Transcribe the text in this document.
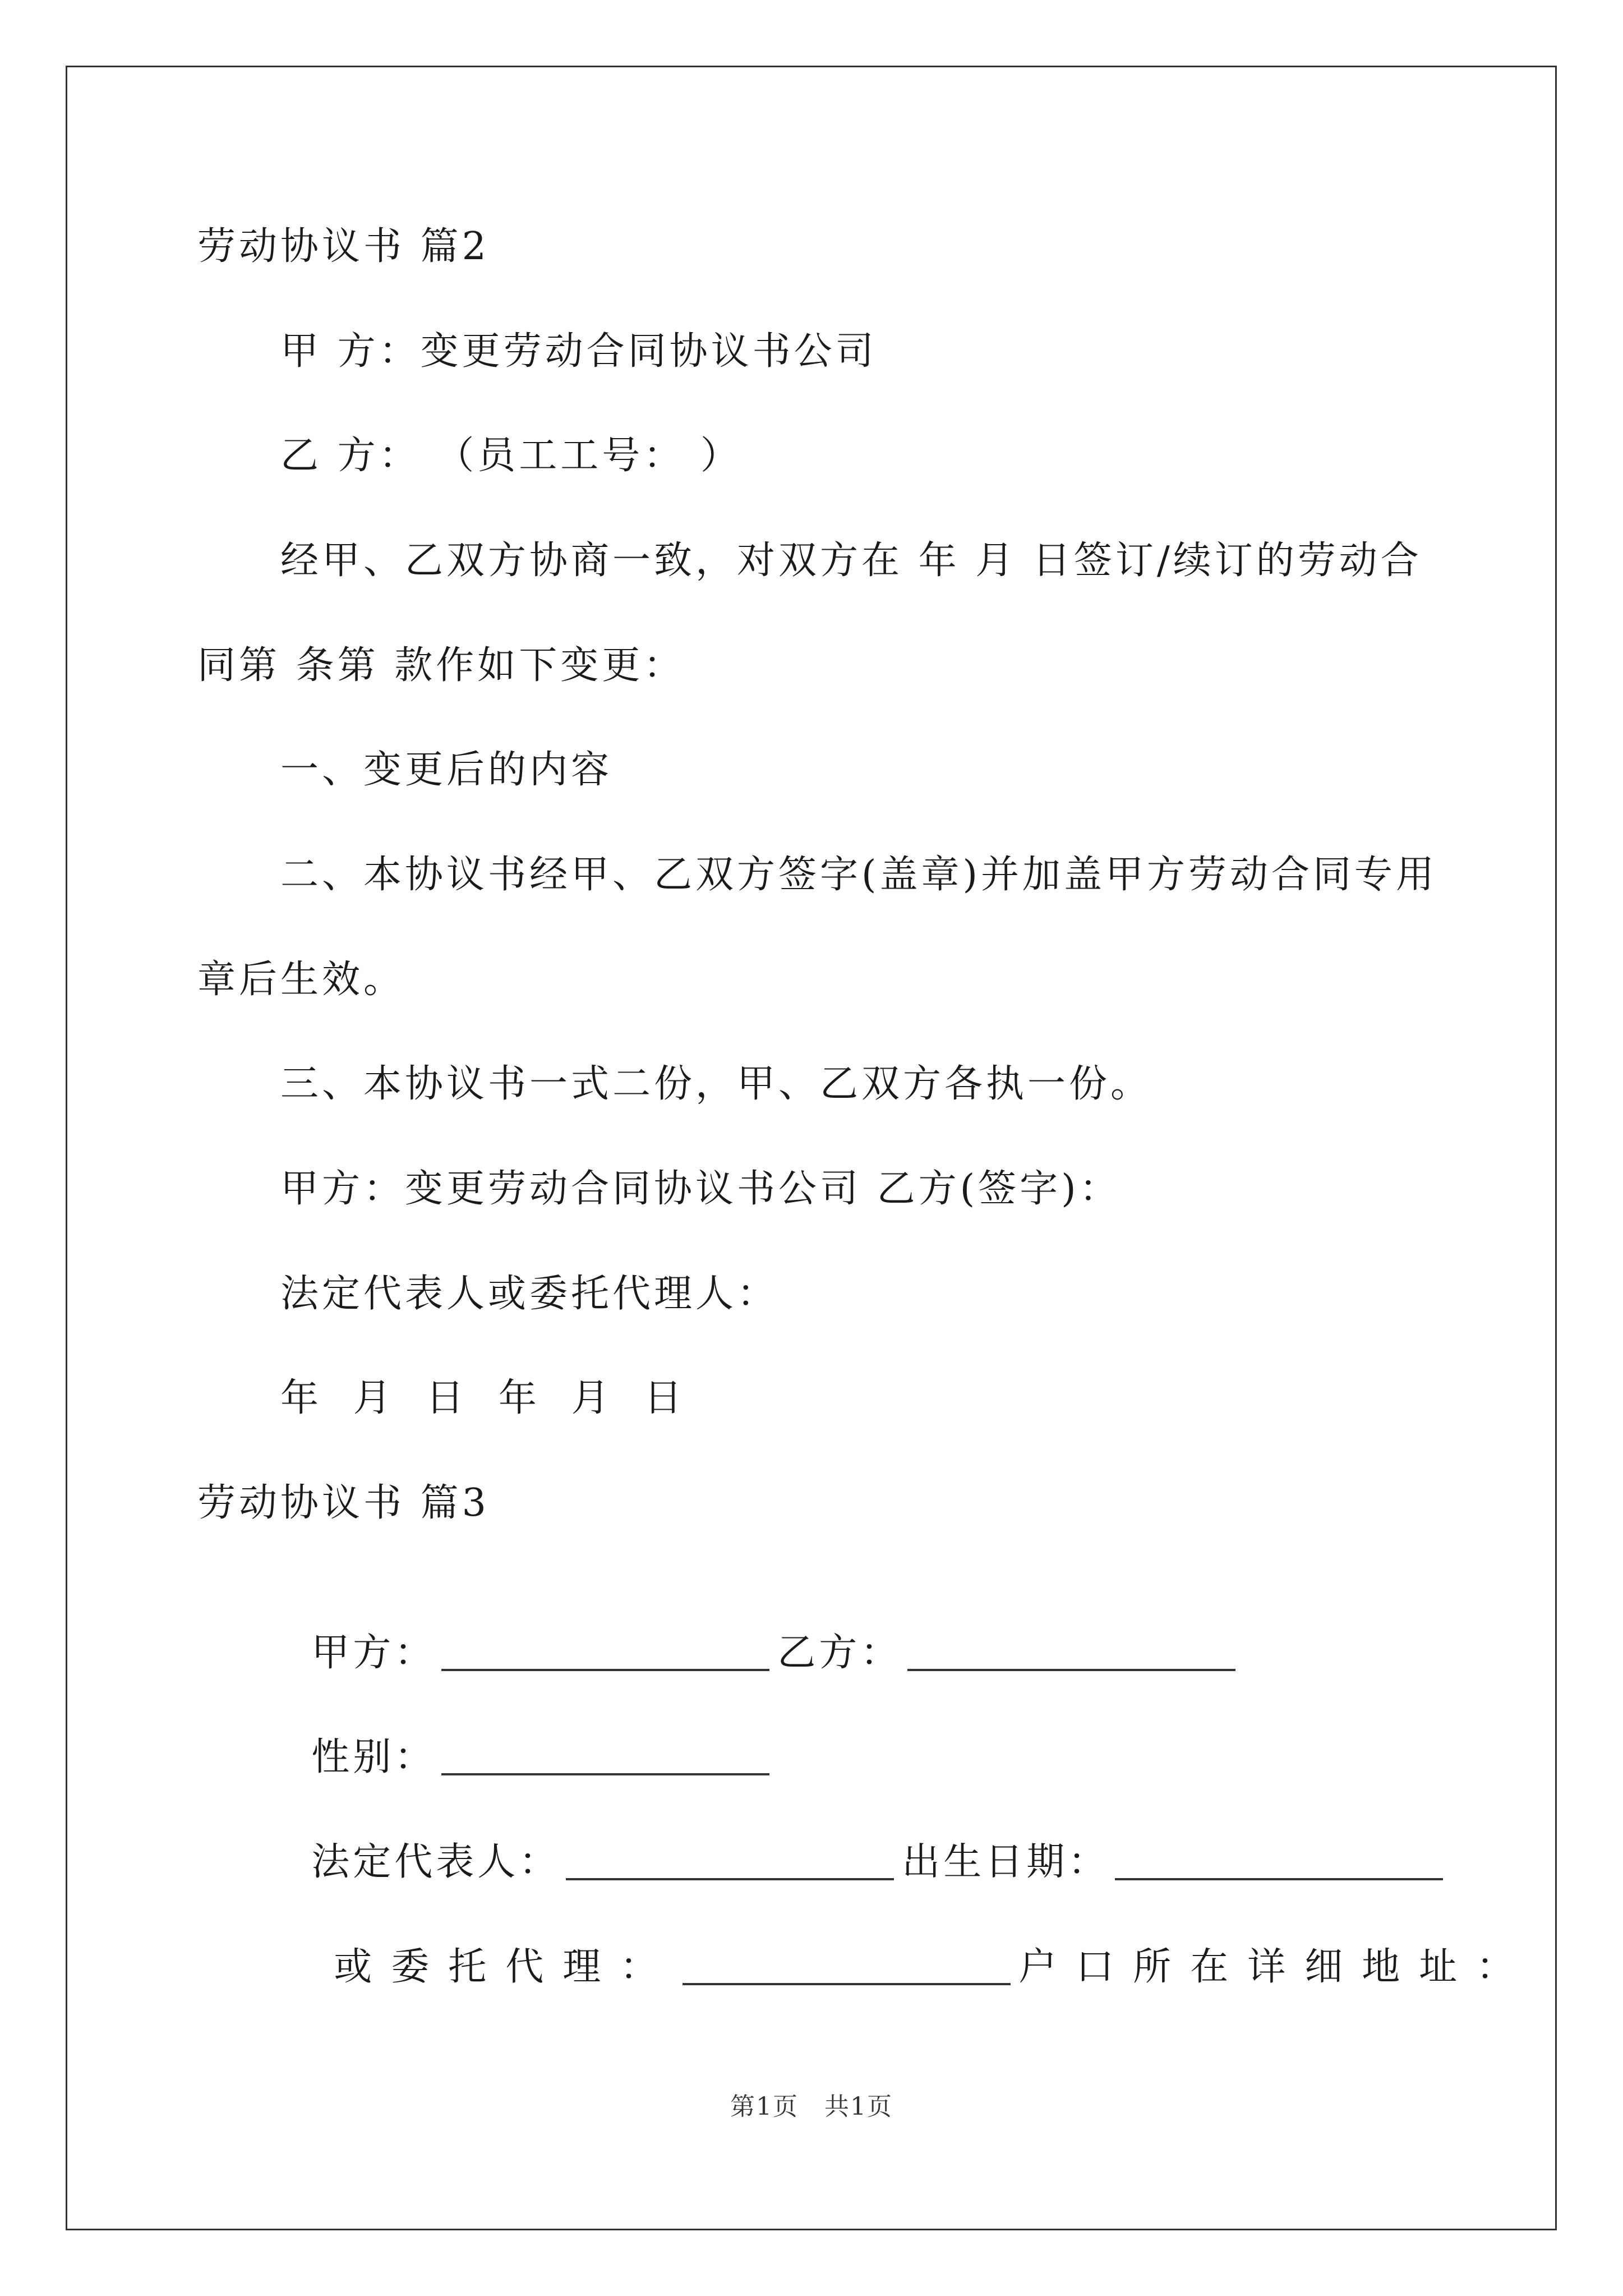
劳动协议书 篇2
甲 方：变更劳动合同协议书公司
乙 方： （员工工号： ）
经甲、乙双方协商一致，对双方在 年 月 日签订/续订的劳动合
同第 条第 款作如下变更：
一、变更后的内容
二、本协议书经甲、乙双方签字(盖章)并加盖甲方劳动合同专用
章后生效。
三、本协议书一式二份，甲、乙双方各执一份。
甲方：变更劳动合同协议书公司 乙方(签字)：
法定代表人或委托代理人：
年 月 日 年 月 日
劳动协议书 篇3

甲方：	乙方：

性别：

法定代表人：	出生日期：

或委托代理：	户口所在详细地址：

第1页　共1页
